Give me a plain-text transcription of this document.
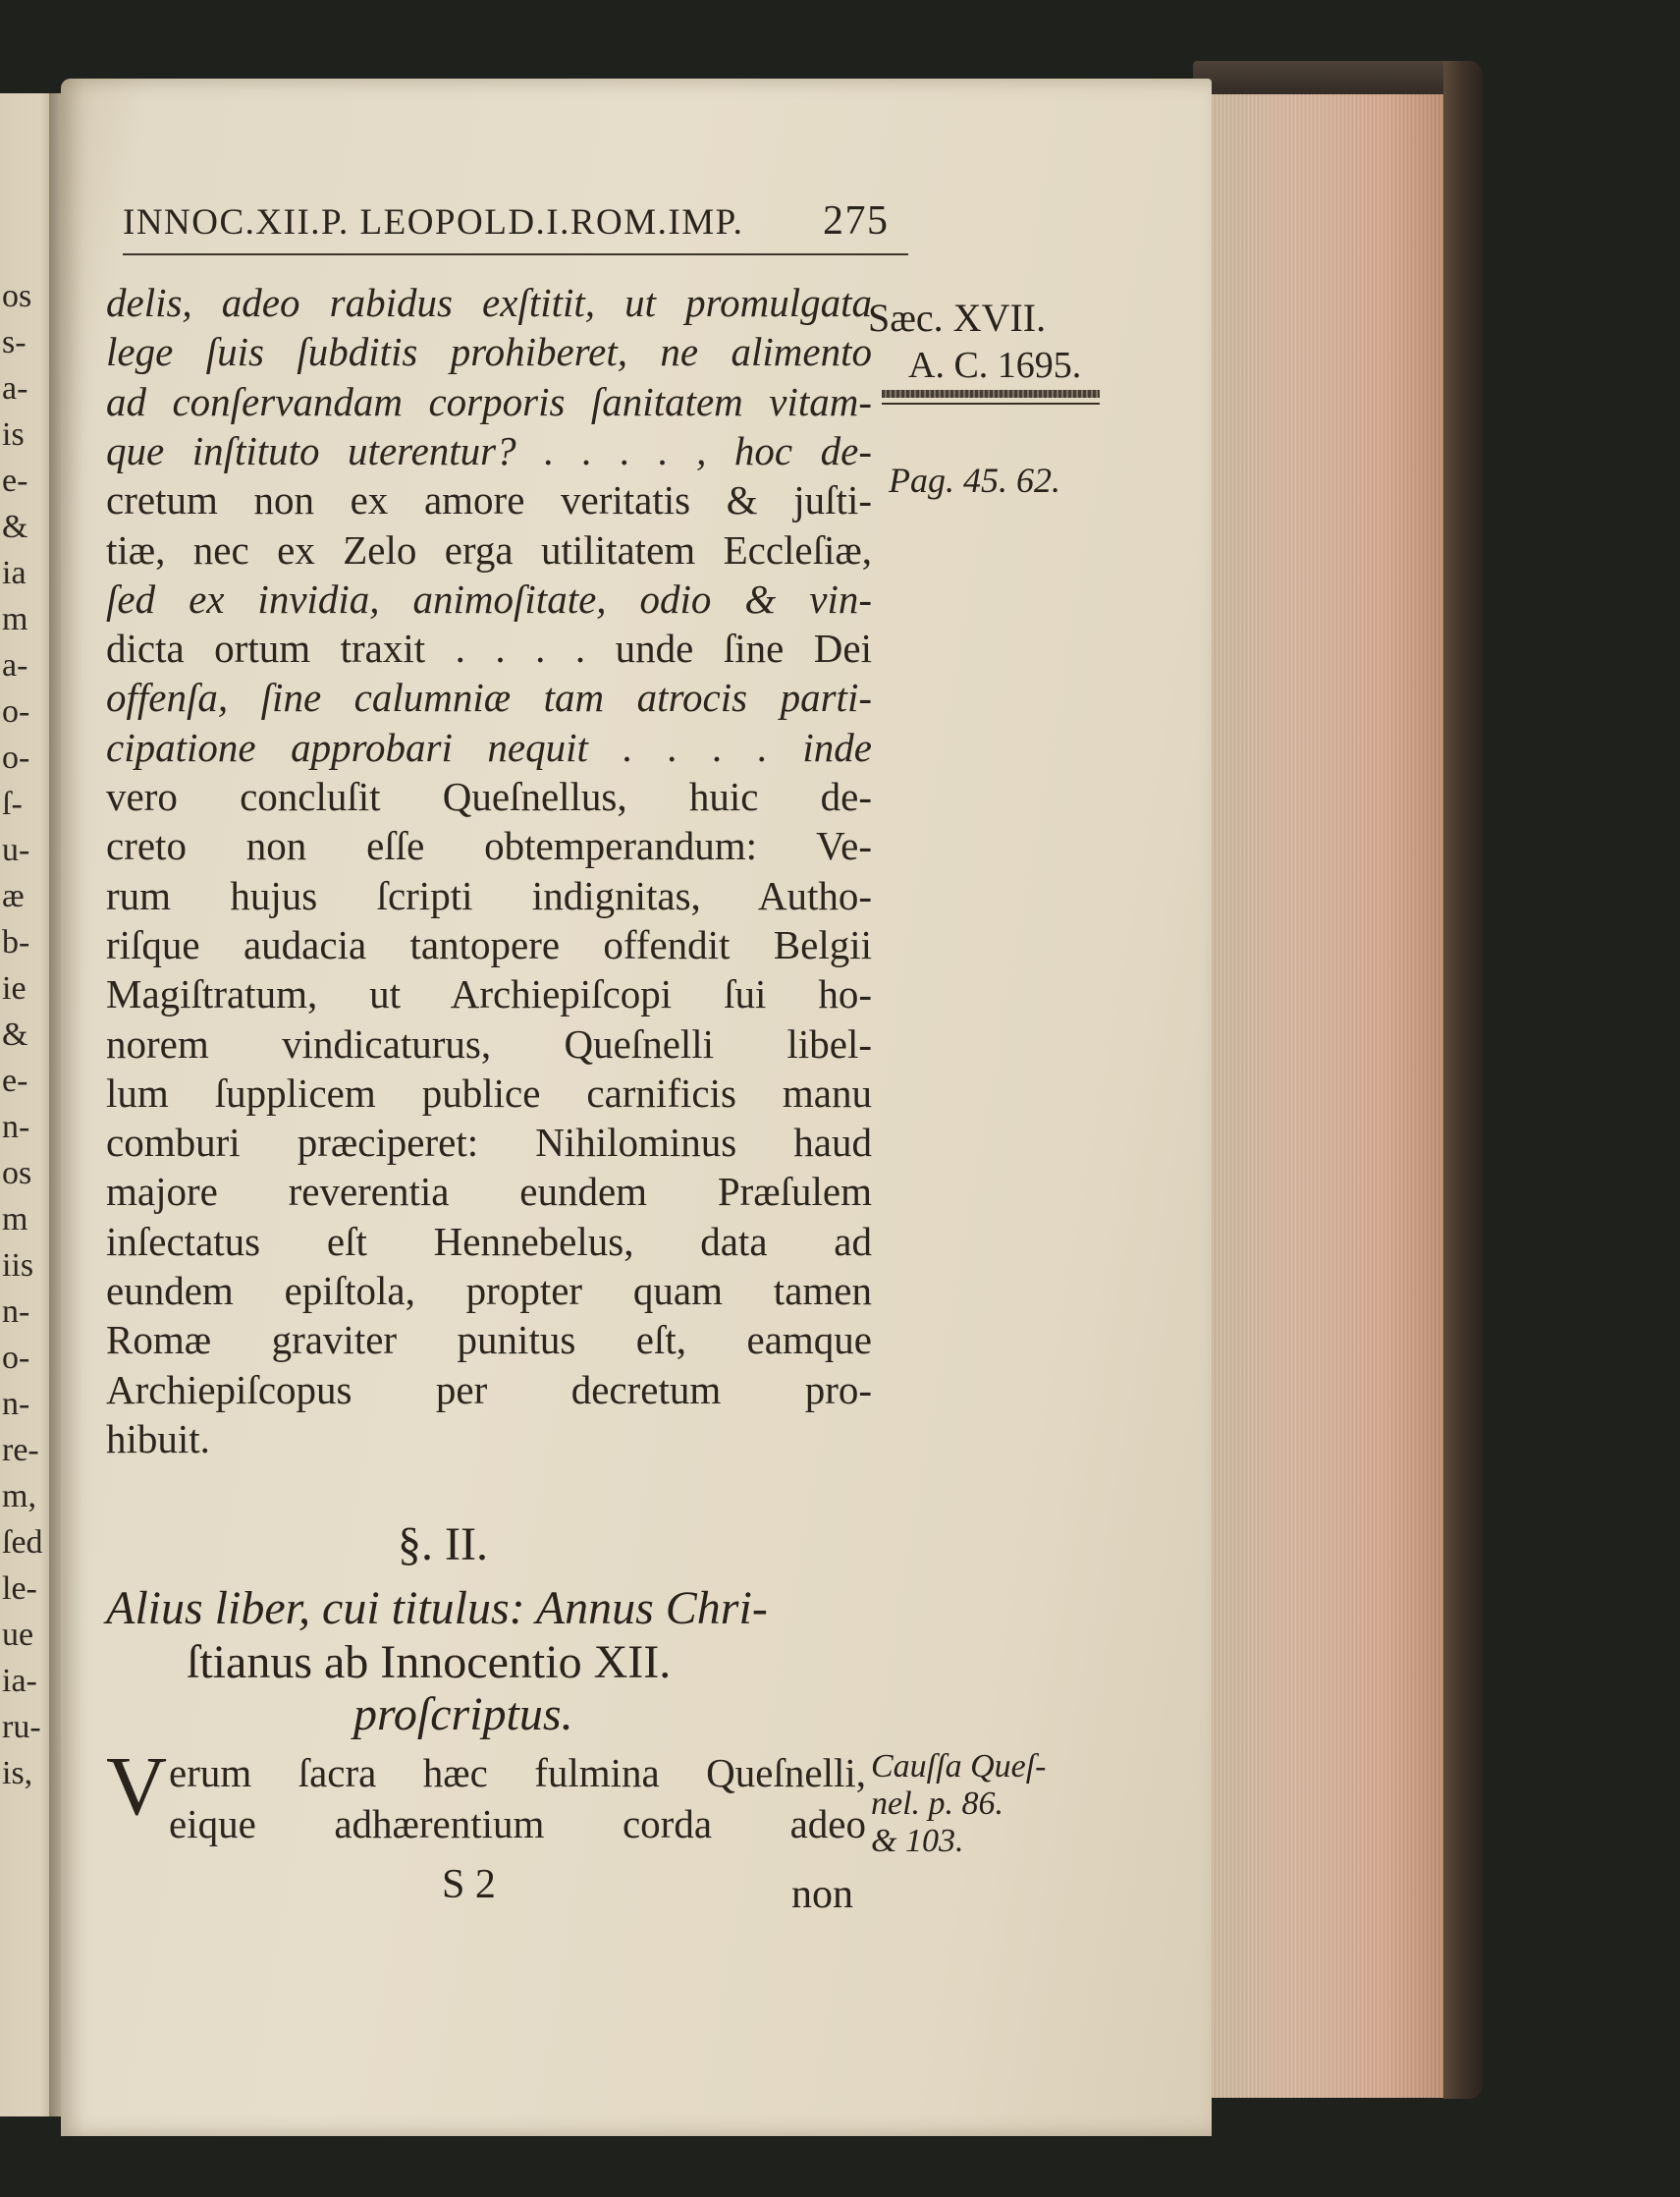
os
s-
a-
is
e-
&
ia
m
a-
o-
o-
ſ-
u-
æ
b-
ie
&
e-
n-
os
m
iis
n-
o-
n-
re-
m,
ſed
le-
ue
ia-
ru-
is,
INNOC.XII.P. LEOPOLD.I.ROM.IMP. 275
Sæc. XVII.
A. C. 1695.
Pag. 45. 62.
Cauſſa Queſ-
nel. p. 86.
& 103.
delis, adeo rabidus exſtitit, ut promulgata
lege ſuis ſubditis prohiberet, ne alimento
ad conſervandam corporis ſanitatem vitam-
que inſtituto uterentur? . . . . , hoc de-
cretum non ex amore veritatis & juſti-
tiæ, nec ex Zelo erga utilitatem Eccleſiæ,
ſed ex invidia, animoſitate, odio & vin-
dicta ortum traxit . . . . unde ſine Dei
offenſa, ſine calumniæ tam atrocis parti-
cipatione approbari nequit . . . . inde
vero concluſit Queſnellus, huic de-
creto non eſſe obtemperandum: Ve-
rum hujus ſcripti indignitas, Autho-
riſque audacia tantopere offendit Belgii
Magiſtratum, ut Archiepiſcopi ſui ho-
norem vindicaturus, Queſnelli libel-
lum ſupplicem publice carnificis manu
comburi præciperet: Nihilominus haud
majore reverentia eundem Præſulem
inſectatus eſt Hennebelus, data ad
eundem epiſtola, propter quam tamen
Romæ graviter punitus eſt, eamque
Archiepiſcopus per decretum pro-
hibuit.
§. II.
Alius liber, cui titulus: Annus Chri-
ſtianus ab Innocentio XII.
proſcriptus.
V erum ſacra hæc fulmina Queſnelli,
eique adhærentium corda adeo
S 2	non
